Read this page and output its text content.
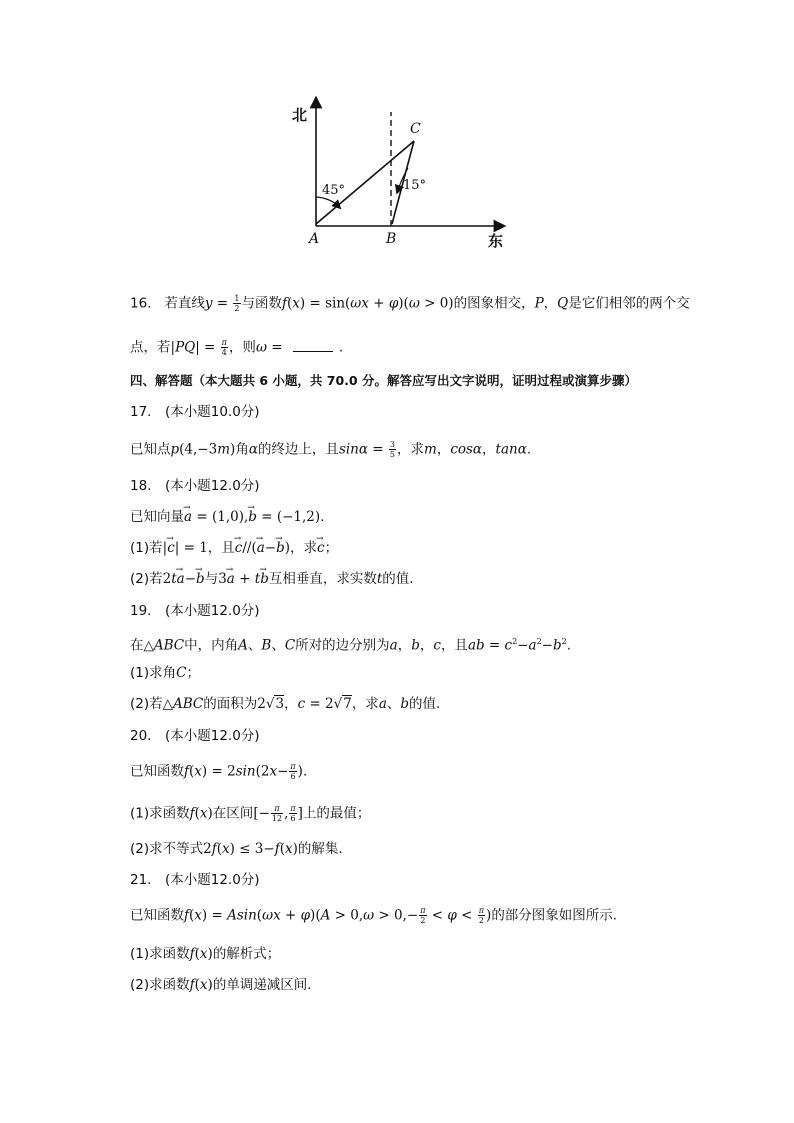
北
东
A	B
C
45°	15°
16. 若直线$y = \frac{1}{2}$ 与函数f(x) = sin(ωx + φ)(ω > 0)的图象相交，P，Q是它们相邻的两个交
点，若$|PQ| = \frac{\pi}{4}$ ，则ω =	.
四、解答题（本大题共 6 小题，共 70.0 分。解答应写出文字说明，证明过程或演算步骤）
17.　(本小题10.0分)
已知点p(4,−3m)角α的终边上，且$\sin\alpha = \frac{3}{5}$ ，求m，cosα，tanα.
18.　(本小题12.0分)
已知向量→ a = (1,0),→ b = (−1,2).
(1)若|→ c| = 1，且→ c//(→ a−→ b)，求→ c；
(2)若2t→ a−→ b与3→ a + t→ b互相垂直，求实数t的值.
19.　(本小题12.0分)
在△ABC中，内角A、B、C所对的边分别为a，b，c，且ab = $c^2-a^2-b^2$.
(1)求角C；
(2)若△ABC的面积为2√3，c = 2√7，求a、b的值.
20.　(本小题12.0分)
已知函数$f(x) = 2\sin(2x- \frac{\pi}{6}$ ).
(1)求函数f(x)在区间[− $\frac{\pi}{12}$ , $\frac{\pi}{6}$ ]上的最值；
(2)求不等式2f(x) ≤ 3−f(x)的解集.
21.　(本小题12.0分)
已知函数$f(x) = Asin(\omega x + \varphi)(A > 0,\omega > 0,- \frac{\pi}{2} < \varphi < \frac{\pi}{2}$ )的部分图象如图所示.
(1)求函数f(x)的解析式；
(2)求函数f(x)的单调递减区间.
